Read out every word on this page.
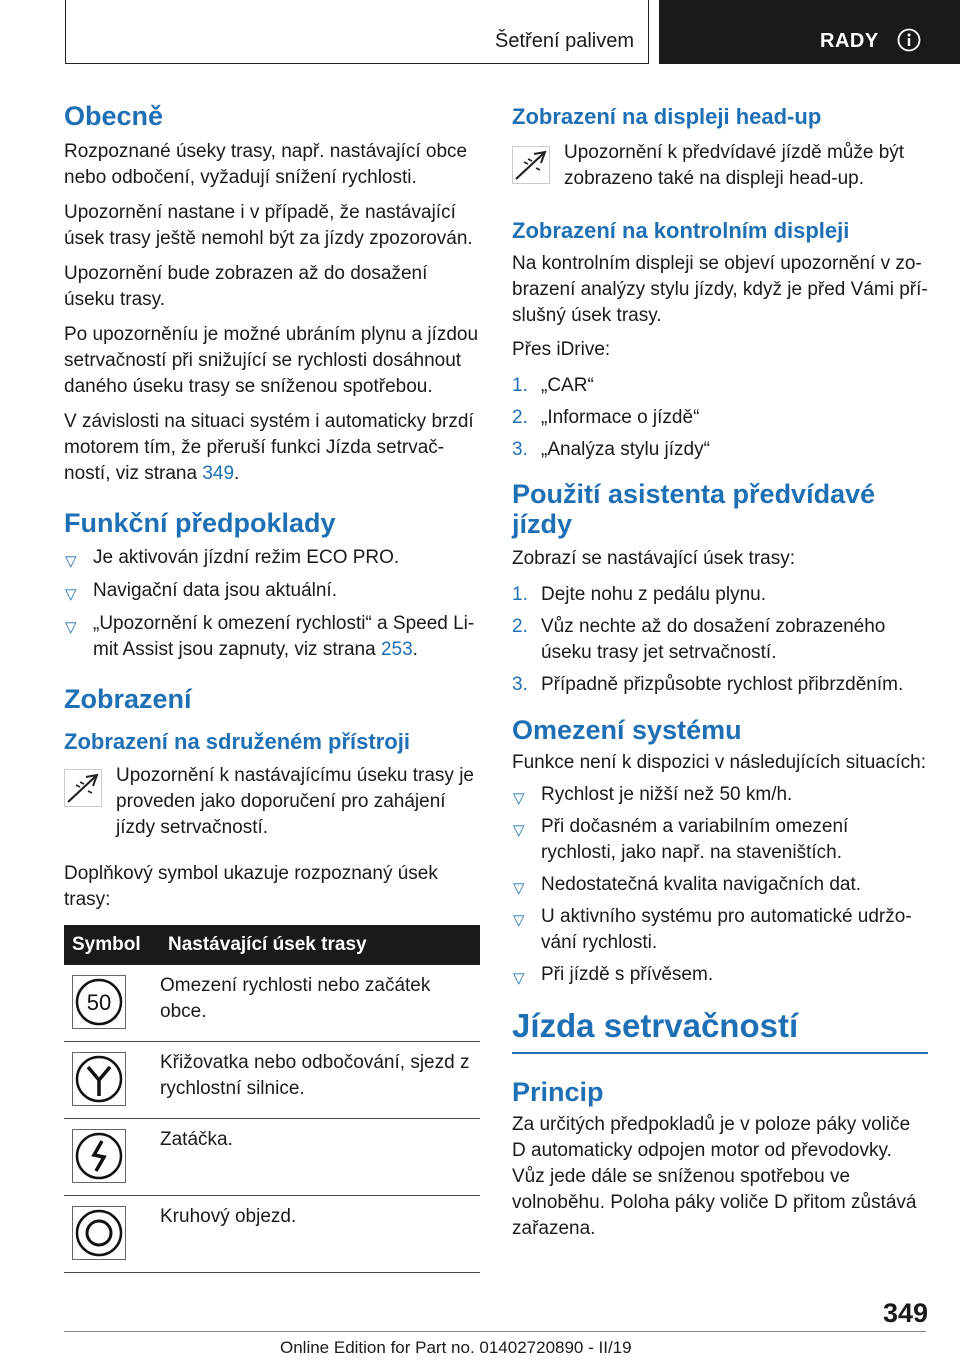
Šetření palivem	RADY
Obecně

Rozpoznané úseky trasy, např. nastávající obce nebo odbočení, vyžadují snížení rychlosti.

Upozornění nastane i v případě, že nastávající úsek trasy ještě nemohl být za jízdy zpozorován.

Upozornění bude zobrazen až do dosažení úseku trasy.

Po upozorněníu je možné ubráním plynu a jízdou setrvačností při snižující se rychlosti dosáhnout daného úseku trasy se sníženou spotřebou.

V závislosti na situaci systém i automaticky brzdí motorem tím, že přeruší funkci Jízda setrvač- ností, viz strana 349.

Funkční předpoklady
▽ Je aktivován jízdní režim ECO PRO.
▽ Navigační data jsou aktuální.
▽ „Upozornění k omezení rychlosti“ a Speed Li- mit Assist jsou zapnuty, viz strana 253.
Zobrazení
Zobrazení na sdruženém přístroji
Upozornění k nastávajícímu úseku trasy je proveden jako doporučení pro zahájení jízdy setrvačností.

Doplňkový symbol ukazuje rozpoznaný úsek trasy:

Symbol	Nastávající úsek trasy

50	Omezení rychlosti nebo začátek obce.

	Křižovatka nebo odbočování, sjezd z rychlostní silnice.

	Zatáčka.

	Kruhový objezd.
Zobrazení na displeji head-up
Upozornění k předvídavé jízdě může být zobrazeno také na displeji head-up.
Zobrazení na kontrolním displeji

Na kontrolním displeji se objeví upozornění v zo- brazení analýzy stylu jízdy, když je před Vámi pří- slušný úsek trasy.

Přes iDrive:

1. „CAR“
2. „Informace o jízdě“
3. „Analýza stylu jízdy“
Použití asistenta předvídavé jízdy

Zobrazí se nastávající úsek trasy:

1. Dejte nohu z pedálu plynu.
2. Vůz nechte až do dosažení zobrazeného úseku trasy jet setrvačností.
3. Případně přizpůsobte rychlost přibrzděním.
Omezení systému

Funkce není k dispozici v následujících situacích:

▽ Rychlost je nižší než 50 km/h.
▽ Při dočasném a variabilním omezení rychlosti, jako např. na staveništích.
▽ Nedostatečná kvalita navigačních dat.
▽ U aktivního systému pro automatické udržo- vání rychlosti.
▽ Při jízdě s přívěsem.
Jízda setrvačností
Princip

Za určitých předpokladů je v poloze páky voliče D automaticky odpojen motor od převodovky. Vůz jede dále se sníženou spotřebou ve volnoběhu. Poloha páky voliče D přitom zůstává zařazena.

349
Online Edition for Part no. 01402720890 - II/19
